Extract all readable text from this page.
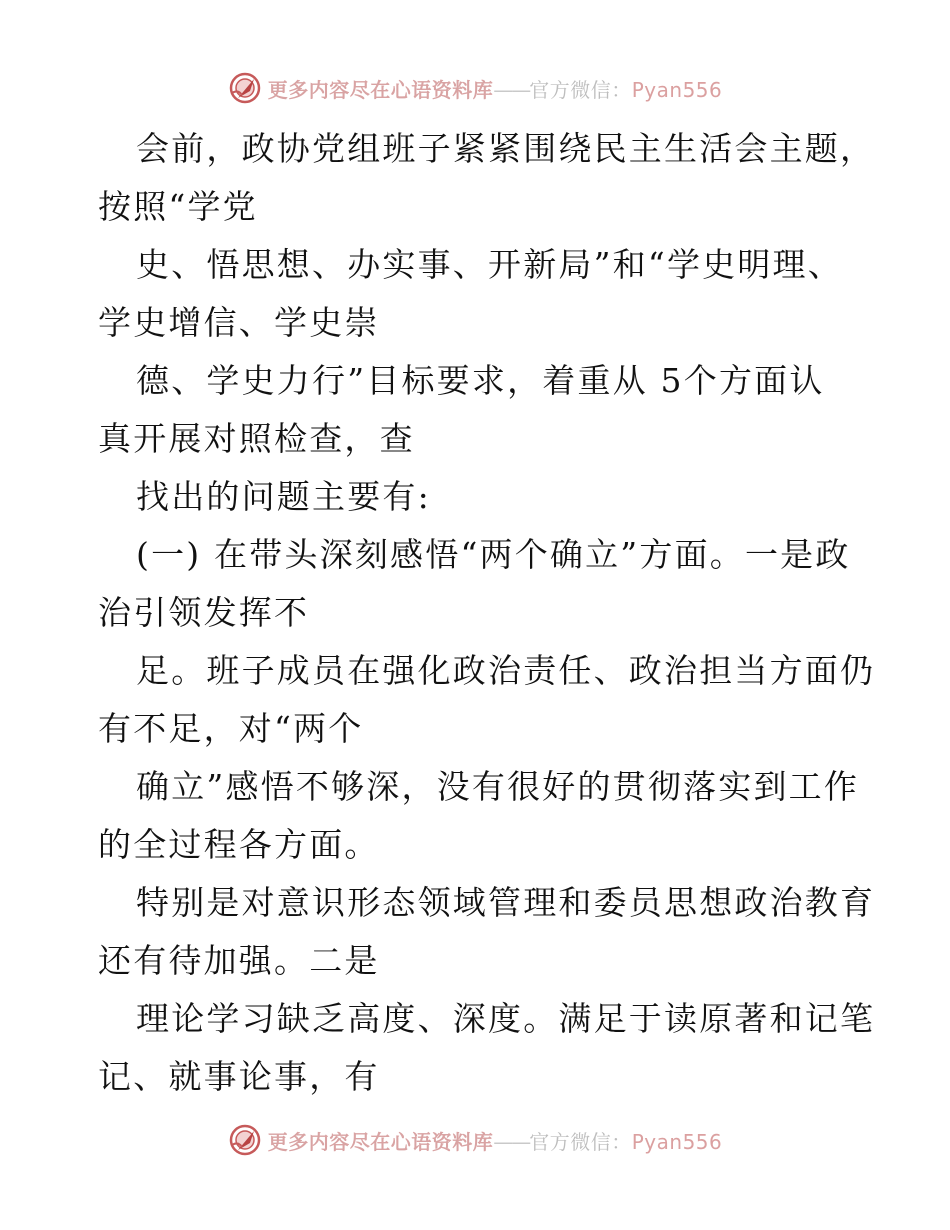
更多内容尽在心语资料库——官方微信：Pyan556
会前，政协党组班子紧紧围绕民主生活会主题，
按照“学党
史、悟思想、办实事、开新局”和“学史明理、
学史增信、学史崇
德、学史力行”目标要求，着重从 5个方面认
真开展对照检查，查
找出的问题主要有:
(一) 在带头深刻感悟“两个确立”方面。一是政
治引领发挥不
足。班子成员在强化政治责任、政治担当方面仍
有不足，对“两个
确立”感悟不够深，没有很好的贯彻落实到工作
的全过程各方面。
特别是对意识形态领域管理和委员思想政治教育
还有待加强。二是
理论学习缺乏高度、深度。满足于读原著和记笔
记、就事论事，有
更多内容尽在心语资料库——官方微信：Pyan556
